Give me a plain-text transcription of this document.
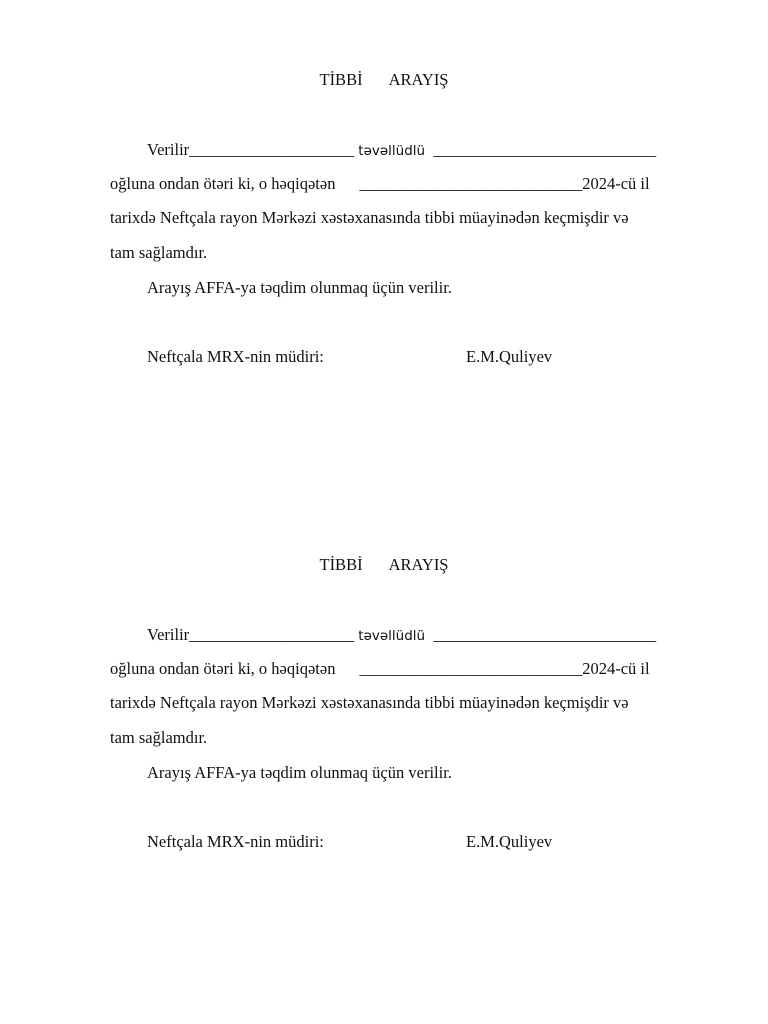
TİBBİ ARAYIŞ
Verilir____________________ təvəllüdlü ___________________________
oğluna ondan ötəri ki, o həqiqətən ___________________________2024-cü il
tarixdə Neftçala rayon Mərkəzi xəstəxanasında tibbi müayinədən keçmişdir və
tam sağlamdır.
Arayış AFFA-ya təqdim olunmaq üçün verilir.
Neftçala MRX-nin müdiri:	E.M.Quliyev
TİBBİ ARAYIŞ
Verilir____________________ təvəllüdlü ___________________________
oğluna ondan ötəri ki, o həqiqətən ___________________________2024-cü il
tarixdə Neftçala rayon Mərkəzi xəstəxanasında tibbi müayinədən keçmişdir və
tam sağlamdır.
Arayış AFFA-ya təqdim olunmaq üçün verilir.
Neftçala MRX-nin müdiri:	E.M.Quliyev
